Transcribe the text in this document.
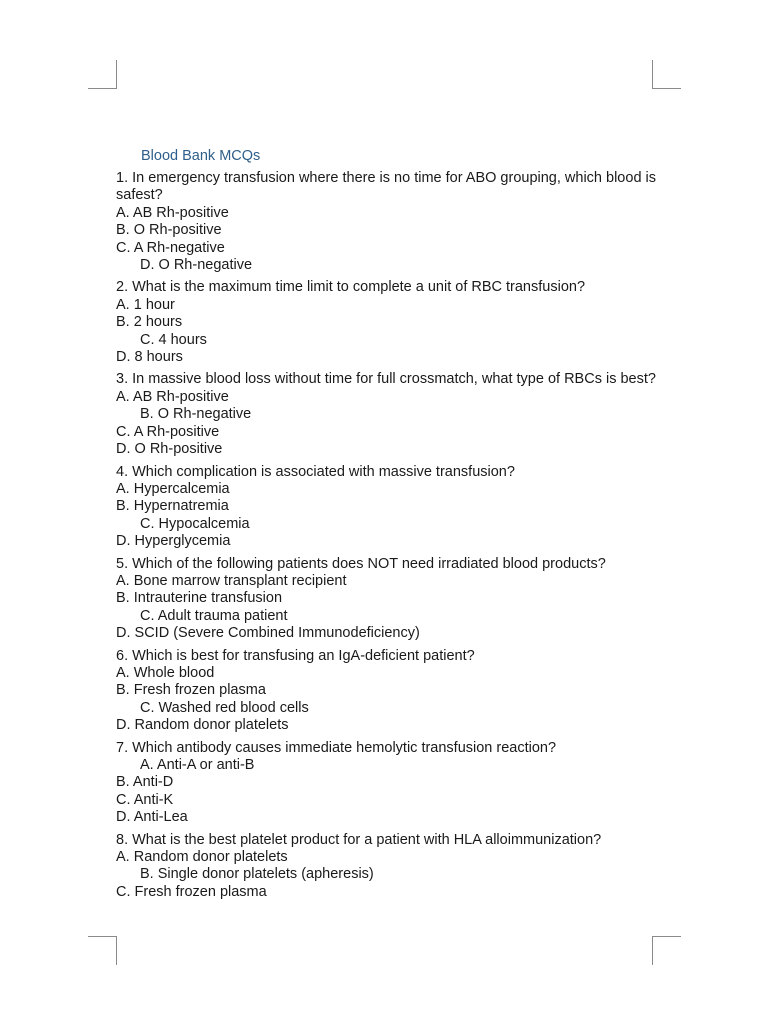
Blood Bank MCQs
1. In emergency transfusion where there is no time for ABO grouping, which blood is safest?
A. AB Rh-positive
B. O Rh-positive
C. A Rh-negative
D. O Rh-negative
2. What is the maximum time limit to complete a unit of RBC transfusion?
A. 1 hour
B. 2 hours
C. 4 hours
D. 8 hours
3. In massive blood loss without time for full crossmatch, what type of RBCs is best?
A. AB Rh-positive
B. O Rh-negative
C. A Rh-positive
D. O Rh-positive
4. Which complication is associated with massive transfusion?
A. Hypercalcemia
B. Hypernatremia
C. Hypocalcemia
D. Hyperglycemia
5. Which of the following patients does NOT need irradiated blood products?
A. Bone marrow transplant recipient
B. Intrauterine transfusion
C. Adult trauma patient
D. SCID (Severe Combined Immunodeficiency)
6. Which is best for transfusing an IgA-deficient patient?
A. Whole blood
B. Fresh frozen plasma
C. Washed red blood cells
D. Random donor platelets
7. Which antibody causes immediate hemolytic transfusion reaction?
A. Anti-A or anti-B
B. Anti-D
C. Anti-K
D. Anti-Lea
8. What is the best platelet product for a patient with HLA alloimmunization?
A. Random donor platelets
B. Single donor platelets (apheresis)
C. Fresh frozen plasma
